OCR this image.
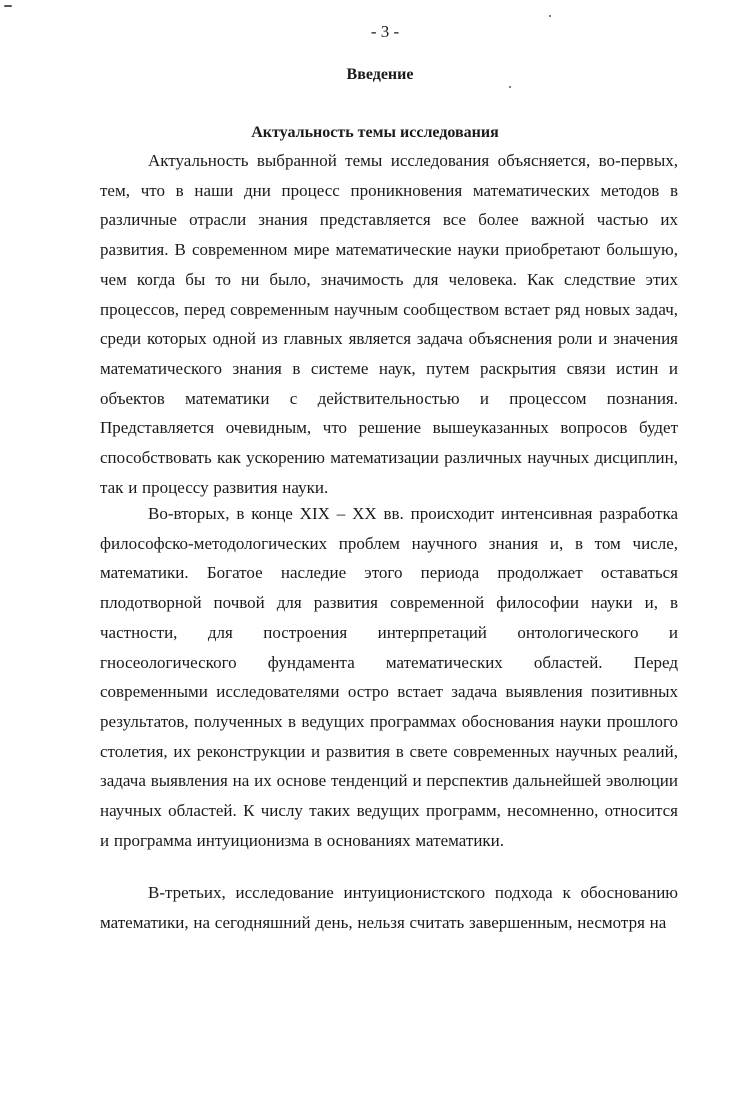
- 3 -
Введение
Актуальность темы исследования

Актуальность выбранной темы исследования объясняется, во-первых, тем, что в наши дни процесс проникновения математических методов в различные отрасли знания представляется все более важной частью их развития. В современном мире математические науки приобретают большую, чем когда бы то ни было, значимость для человека. Как следствие этих процессов, перед современным научным сообществом встает ряд новых задач, среди которых одной из главных является задача объяснения роли и значения математического знания в системе наук, путем раскрытия связи истин и объектов математики с действительностью и процессом познания. Представляется очевидным, что решение вышеуказанных вопросов будет способствовать как ускорению математизации различных научных дисциплин, так и процессу развития науки.

Во-вторых, в конце XIX – XX вв. происходит интенсивная разработка философско-методологических проблем научного знания и, в том числе, математики. Богатое наследие этого периода продолжает оставаться плодотворной почвой для развития современной философии науки и, в частности, для построения интерпретаций онтологического и гносеологического фундамента математических областей. Перед современными исследователями остро встает задача выявления позитивных результатов, полученных в ведущих программах обоснования науки прошлого столетия, их реконструкции и развития в свете современных научных реалий, задача выявления на их основе тенденций и перспектив дальнейшей эволюции научных областей. К числу таких ведущих программ, несомненно, относится и программа интуиционизма в основаниях математики.

В-третьих, исследование интуиционистского подхода к обоснованию математики, на сегодняшний день, нельзя считать завершенным, несмотря на
